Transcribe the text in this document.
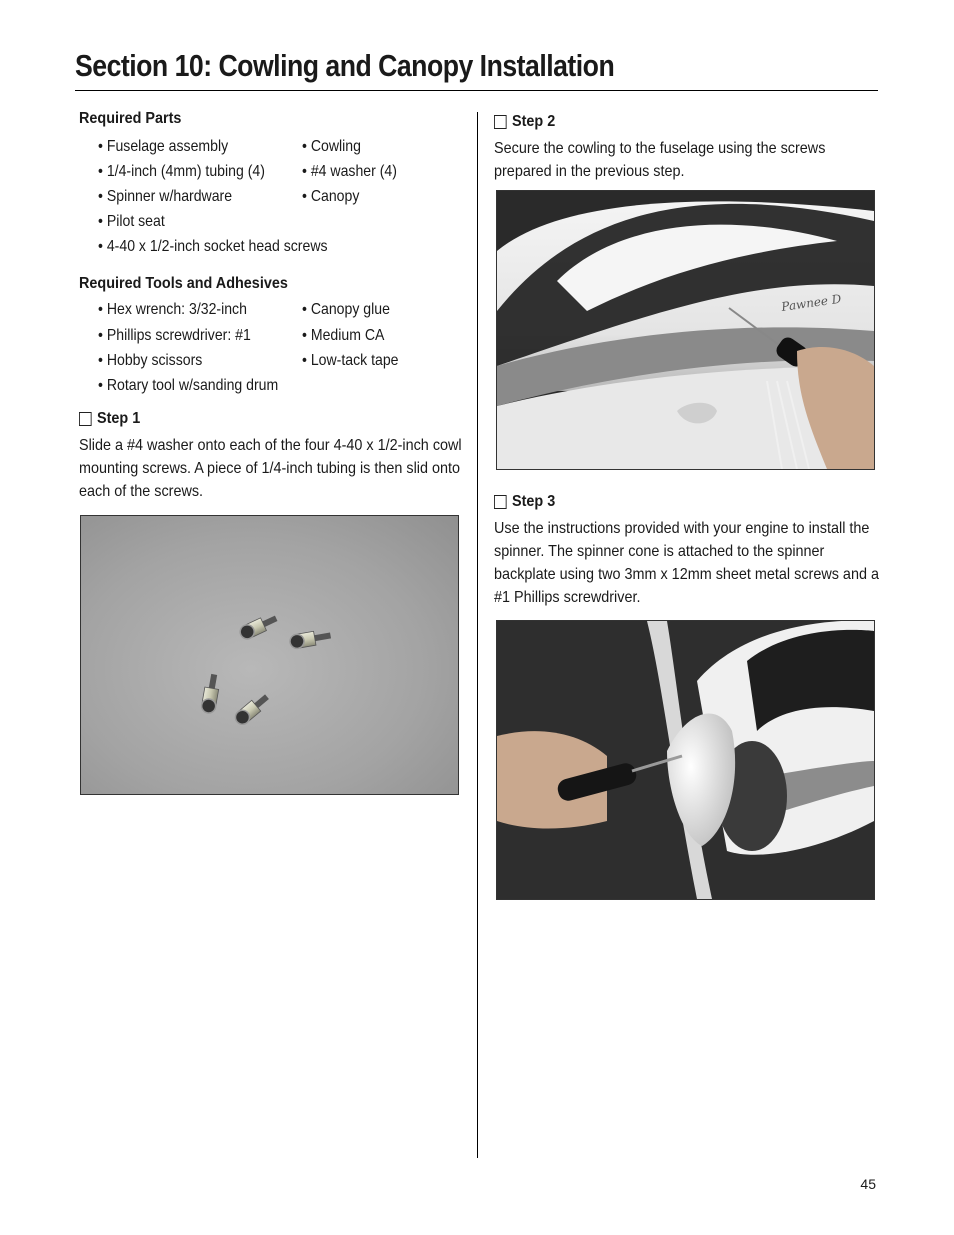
Section 10: Cowling and Canopy Installation

Required Parts

• Fuselage assembly	• Cowling
• 1/4-inch (4mm) tubing (4) • #4 washer (4)
• Spinner w/hardware	• Canopy
• Pilot seat
• 4-40 x 1/2-inch socket head screws

Required Tools and Adhesives

• Hex wrench: 3/32-inch	• Canopy glue
• Phillips screwdriver: #1	• Medium CA
• Hobby scissors	• Low-tack tape
• Rotary tool w/sanding drum
Step 1

Slide a #4 washer onto each of the four 4-40 x 1/2-inch cowl mounting screws. A piece of 1/4-inch tubing is then slid onto each of the screws.

Step 2

Secure the cowling to the fuselage using the screws prepared in the previous step.

Pawnee D
Step 3

Use the instructions provided with your engine to install the spinner. The spinner cone is attached to the spinner backplate using two 3mm x 12mm sheet metal screws and a #1 Phillips screwdriver.

45
